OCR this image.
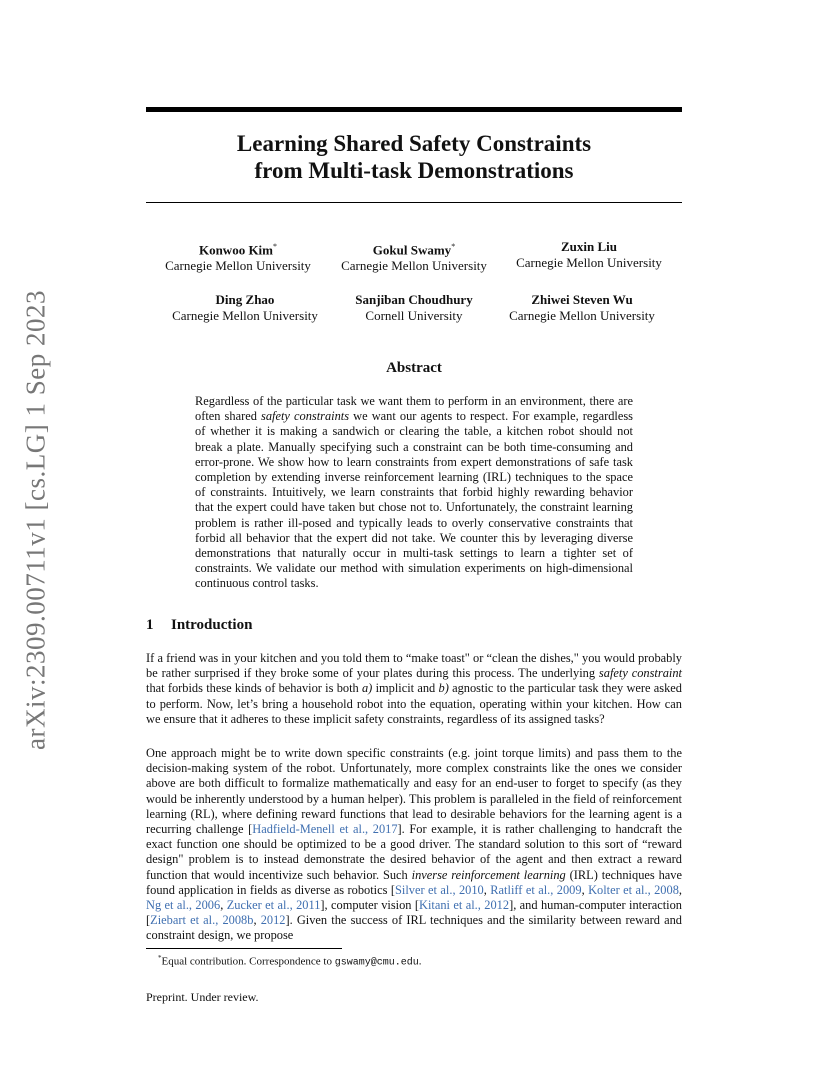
arXiv:2309.00711v1 [cs.LG] 1 Sep 2023
Learning Shared Safety Constraints
from Multi-task Demonstrations
Konwoo Kim*
Carnegie Mellon University
Gokul Swamy*
Carnegie Mellon University
Zuxin Liu
Carnegie Mellon University
Ding Zhao
Carnegie Mellon University
Sanjiban Choudhury
Cornell University
Zhiwei Steven Wu
Carnegie Mellon University
Abstract
Regardless of the particular task we want them to perform in an environment, there are often shared safety constraints we want our agents to respect. For example, regardless of whether it is making a sandwich or clearing the table, a kitchen robot should not break a plate. Manually specifying such a constraint can be both time-consuming and error-prone. We show how to learn constraints from expert demonstrations of safe task completion by extending inverse reinforcement learning (IRL) techniques to the space of constraints. Intuitively, we learn constraints that forbid highly rewarding behavior that the expert could have taken but chose not to. Unfortunately, the constraint learning problem is rather ill-posed and typically leads to overly conservative constraints that forbid all behavior that the expert did not take. We counter this by leveraging diverse demonstrations that naturally occur in multi-task settings to learn a tighter set of constraints. We validate our method with simulation experiments on high-dimensional continuous control tasks.
1 Introduction
If a friend was in your kitchen and you told them to “make toast" or “clean the dishes," you would probably be rather surprised if they broke some of your plates during this process. The underlying safety constraint that forbids these kinds of behavior is both a) implicit and b) agnostic to the particular task they were asked to perform. Now, let’s bring a household robot into the equation, operating within your kitchen. How can we ensure that it adheres to these implicit safety constraints, regardless of its assigned tasks?
One approach might be to write down specific constraints (e.g. joint torque limits) and pass them to the decision-making system of the robot. Unfortunately, more complex constraints like the ones we consider above are both difficult to formalize mathematically and easy for an end-user to forget to specify (as they would be inherently understood by a human helper). This problem is paralleled in the field of reinforcement learning (RL), where defining reward functions that lead to desirable behaviors for the learning agent is a recurring challenge [Hadfield-Menell et al., 2017]. For example, it is rather challenging to handcraft the exact function one should be optimized to be a good driver. The standard solution to this sort of “reward design" problem is to instead demonstrate the desired behavior of the agent and then extract a reward function that would incentivize such behavior. Such inverse reinforcement learning (IRL) techniques have found application in fields as diverse as robotics [Silver et al., 2010, Ratliff et al., 2009, Kolter et al., 2008, Ng et al., 2006, Zucker et al., 2011], computer vision [Kitani et al., 2012], and human-computer interaction [Ziebart et al., 2008b, 2012]. Given the success of IRL techniques and the similarity between reward and constraint design, we propose
*Equal contribution. Correspondence to gswamy@cmu.edu.
Preprint. Under review.
